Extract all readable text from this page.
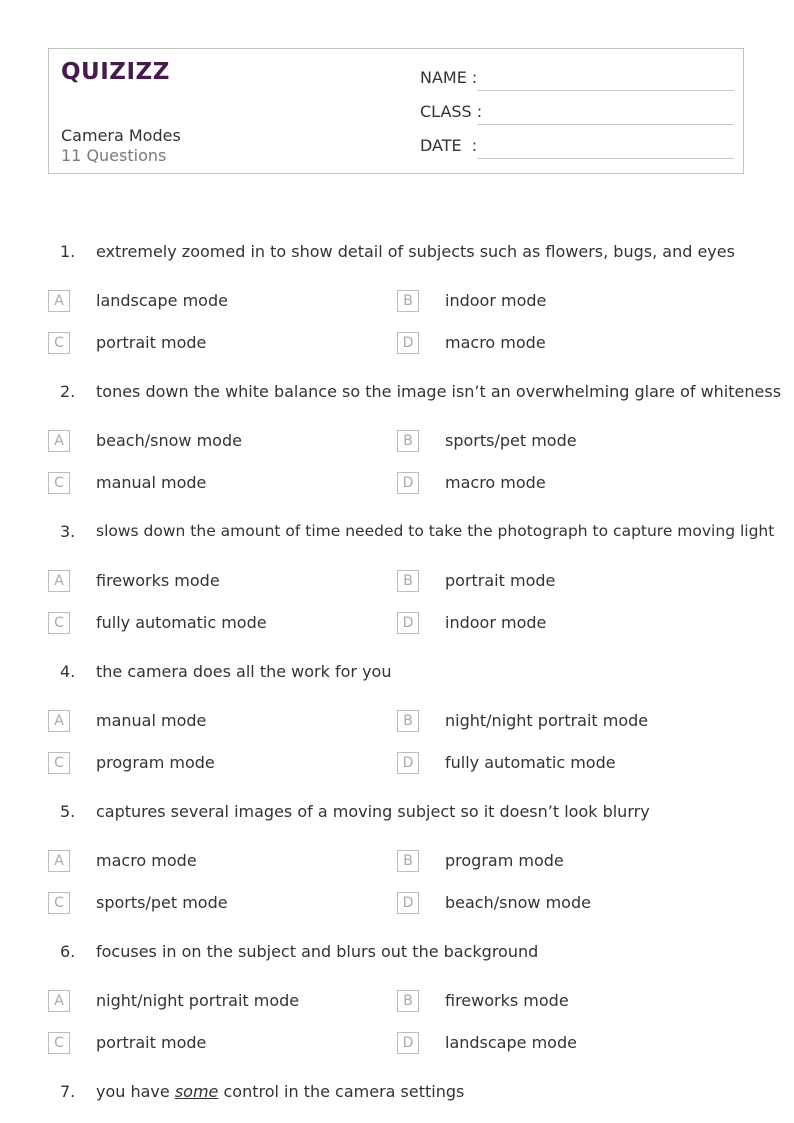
QUIZIZZ
Camera Modes
11 Questions
NAME :
CLASS :
DATE  :
1. extremely zoomed in to show detail of subjects such as flowers, bugs, and eyes
A	landscape mode	B	indoor mode
C	portrait mode	D	macro mode
2. tones down the white balance so the image isn’t an overwhelming glare of whiteness
A	beach/snow mode	B	sports/pet mode
C	manual mode	D	macro mode
3. slows down the amount of time needed to take the photograph to capture moving light
A	fireworks mode	B	portrait mode
C	fully automatic mode	D	indoor mode
4. the camera does all the work for you
A	manual mode	B	night/night portrait mode
C	program mode	D	fully automatic mode
5. captures several images of a moving subject so it doesn’t look blurry
A	macro mode	B	program mode
C	sports/pet mode	D	beach/snow mode
6. focuses in on the subject and blurs out the background
A	night/night portrait mode	B	fireworks mode
C	portrait mode	D	landscape mode
7. you have some control in the camera settings
